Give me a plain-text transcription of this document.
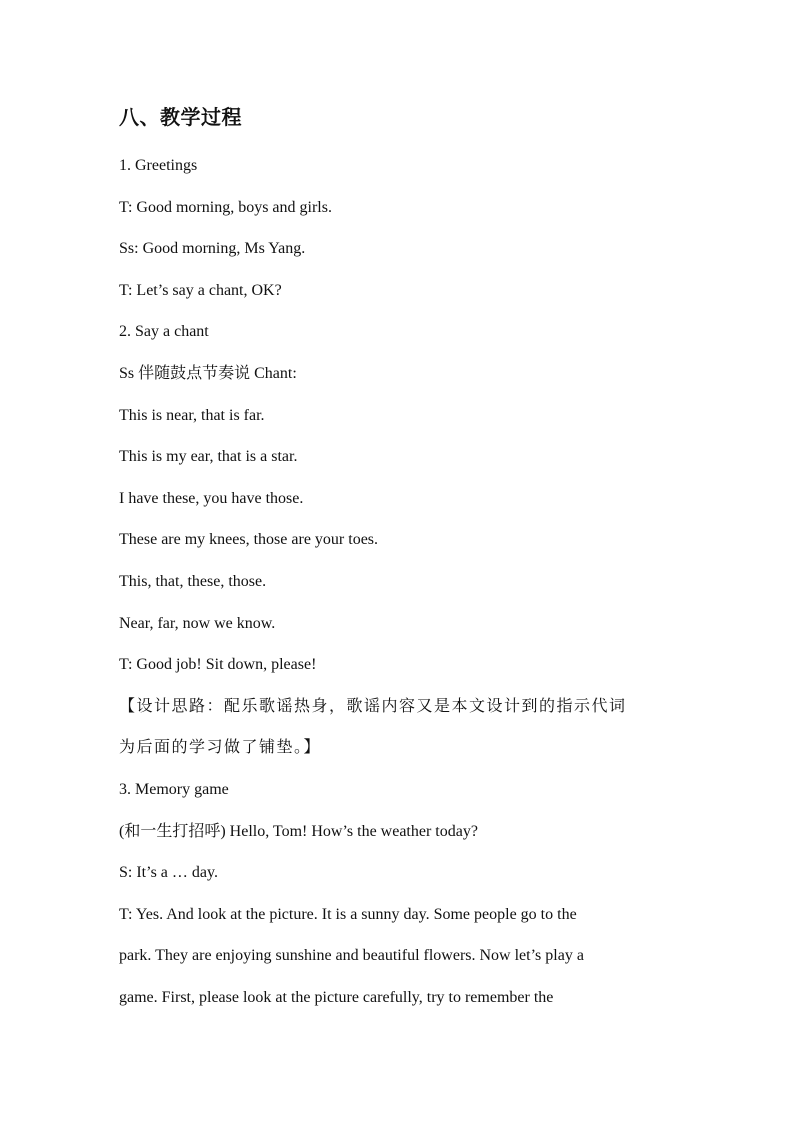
八、教学过程

1. Greetings

T: Good morning, boys and girls.

Ss: Good morning, Ms Yang.

T: Let’s say a chant, OK?

2. Say a chant

Ss 伴随鼓点节奏说 Chant:

This is near, that is far.

This is my ear, that is a star.

I have these, you have those.

These are my knees, those are your toes.

This, that, these, those.

Near, far, now we know.

T: Good job! Sit down, please!

【设计思路：配乐歌谣热身，歌谣内容又是本文设计到的指示代词

为后面的学习做了铺垫。】

3. Memory game

(和一生打招呼) Hello, Tom! How’s the weather today?

S: It’s a … day.

T: Yes. And look at the picture. It is a sunny day. Some people go to the

park. They are enjoying sunshine and beautiful flowers. Now let’s play a

game. First, please look at the picture carefully, try to remember the
